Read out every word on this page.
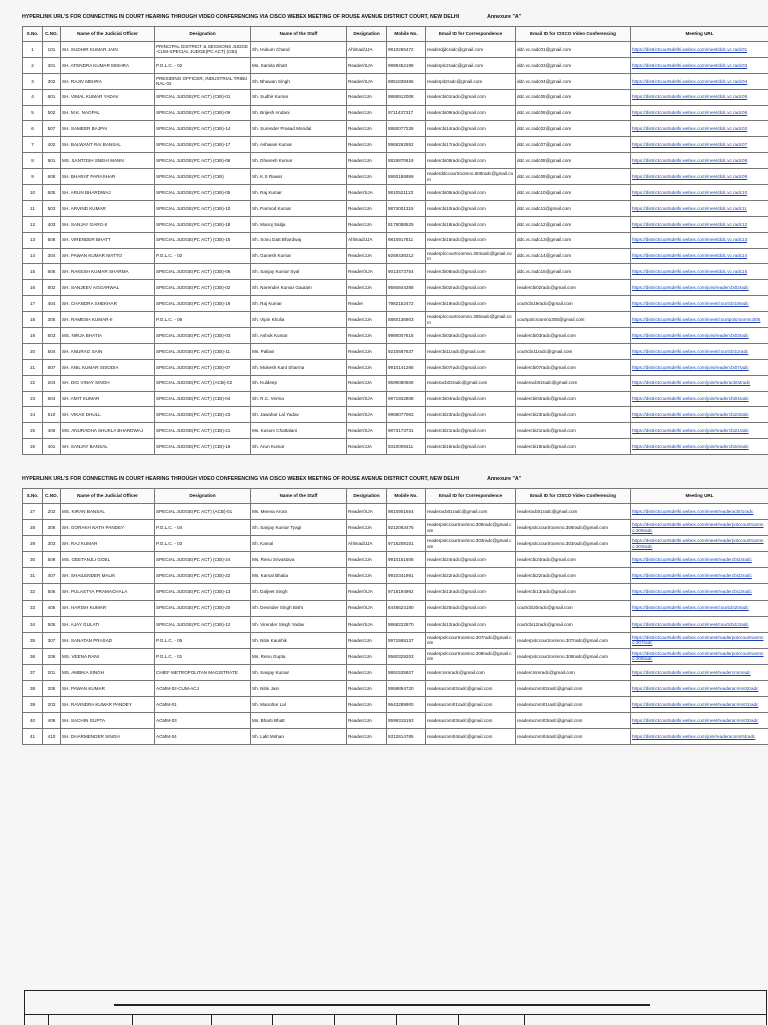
HYPERLINK URL'S FOR CONNECTING IN COURT HEARING THROUGH VIDEO CONFERENCING VIA CISCO WEBEX MEETING OF ROUSE AVENUE DISTRICT COURT, NEW DELHI	Annexure "A"
S.No.	C.NO.	Name of the Judicial Officer	Designation	Name of the Staff	Designation	Mobile No.	Email ID for Correspondence	Email ID for CISCO Video Conferencing	Meeting URL
1	101	SH. SUDHIR KUMAR JAIN	PRINCIPAL DISTRICT & SESSIONS JUDGE-CUM-SPECIAL JUDGE(PC ACT) (CBI)	Sh. Hukum Chand	Ahlmad/JJA	9910266472	readerdjdcradc@gmail.com	ddc.vc.radc01@gmail.com	https://districtcourtsdelhi.webex.com/meet/ddc.vc.radc01
2	301	SH. ATENDRA KUMAR MISHRA	P.O.L.C. - 02	Ms. Samita Bhatt	Reader/SJA	9999452199	readerplc2radc@gmail.com	ddc.vc.radc03@gmail.com	https://districtcourtsdelhi.webex.com/meet/ddc.vc.radc03
3	302	SH. RAJIV MEHRA	PRESIDING OFFICER, INDUSTRIAL TRIBUNAL-02	Sh. Bhawan Singh	Reader/SJA	8851838466	readerpit2radc@gmail.com	ddc.vc.radc04@gmail.com	https://districtcourtsdelhi.webex.com/meet/ddc.vc.radc04
4	601	SH. VIMAL KUMAR YADAV	SPECIAL JUDGE(PC ACT) (CBI)-01	Sh. Sudhir Kumar	Reader/JJA	9868912008	readercbi01radc@gmail.com	ddc.vc.radc05@gmail.com	https://districtcourtsdelhi.webex.com/meet/ddc.vc.radc05
5	502	SH. M.K. NAGPAL	SPECIAL JUDGE(PC ACT) (CBI)-09	Sh. Brijesh Andani	Reader/JJA	9711437317	readercbi09radc@gmail.com	ddc.vc.radc06@gmail.com	https://districtcourtsdelhi.webex.com/meet/ddc.vc.radc06
6	507	SH. SAMEER BAJPAI	SPECIAL JUDGE(PC ACT) (CBI)-14	Sh. Surender Prasad Mondal	Reader/JJA	8860077228	readercbi14radc@gmail.com	ddc.vc.radc02@gmail.com	https://districtcourtsdelhi.webex.com/meet/ddc.vc.radc02
7	402	SH. BALWANT RAI BANSAL	SPECIAL JUDGE(PC ACT) (CBI)-17	Sh. Ashwani Kumar	Reader/JJA	9968262852	readercbi17radc@gmail.com	ddc.vc.radc07@gmail.com	https://districtcourtsdelhi.webex.com/meet/ddc.vc.radc07
8	501	MS. SANTOSH SNEHI MANN	SPECIAL JUDGE(PC ACT) (CBI)-08	Sh. Dharesh Kumar	Reader/JJA	8826870619	readercbi08radc@gmail.com	ddc.vc.radc08@gmail.com	https://districtcourtsdelhi.webex.com/meet/ddc.vc.radc08
9	608	SH. BHARAT PARASHAR	SPECIAL JUDGE(PC ACT) (CBI)	Sh. K.S Rawat	Reader/JJA	8860186959	readerddccourtroomno.608radc@gmail.com	ddc.vc.radc09@gmail.com	https://districtcourtsdelhi.webex.com/meet/ddc.vc.radc09
10	605	SH. ARUN BHARDWAJ	SPECIAL JUDGE(PC ACT) (CBI)-05	Sh. Raj Kumar	Reader/SJA	9810521123	readercbi05radc@gmail.com	ddc.vc.radc10@gmail.com	https://districtcourtsdelhi.webex.com/meet/ddc.vc.radc10
11	503	SH. ARVIND KUMAR	SPECIAL JUDGE(PC ACT) (CBI)-10	Sh. Parmod Kumar	Reader/JJA	9873001315	readercbi10radc@gmail.com	ddc.vc.radc11@gmail.com	https://districtcourtsdelhi.webex.com/meet/ddc.vc.radc11
12	403	SH. SANJAY GARG-II	SPECIAL JUDGE(PC ACT) (CBI)-18	Sh. Manoj Satija	Reader/JJA	8178088525	readercbi18radc@gmail.com	ddc.vc.radc12@gmail.com	https://districtcourtsdelhi.webex.com/meet/ddc.vc.radc12
13	508	SH. VIRENDER BHATT	SPECIAL JUDGE(PC ACT) (CBI)-15	Sh. Sonu Datt Bhardwaj	Ahlmad/JJA	9810917811	readercbi15radc@gmail.com	ddc.vc.radc13@gmail.com	https://districtcourtsdelhi.webex.com/meet/ddc.vc.radc13
14	304	SH. PAWAN KUMAR MATTO	P.O.L.C. - 02	Sh. Ganesh Kumar	Reader/JJA	9268436312	readerplccourtroomno.304radc@gmail.com	ddc.vc.radc14@gmail.com	https://districtcourtsdelhi.webex.com/meet/ddc.vc.radc14
15	606	SH. RAKESH KUMAR SHARMA	SPECIAL JUDGE(PC ACT) (CBI)-06	Sh. Sanjay Kumar Syal	Reader/SJA	9013473754	readercbi06radc@gmail.com	ddc.vc.radc15@gmail.com	https://districtcourtsdelhi.webex.com/meet/ddc.vc.radc15
16	602	SH. SANJEEV AGGARWAL	SPECIAL JUDGE(PC ACT) (CBI)-02	Sh. Narender Kumar Gautam	Reader/JJA	9560844288	readercbi02radc@gmail.com	readercbi02radc@gmail.com	https://districtcourtsdelhi.webex.com/join/readercbi02radc
17	404	SH. CHANDRA SHEKHAR	SPECIAL JUDGE(PC ACT) (CBI)-19	Sh. Raj Kumar	Reader	7982152472	readercbi19radc@gmail.com	courtcbi19radc@gmail.com	https://districtcourtsdelhi.webex.com/meet/courtcbi19radc
18	305	SH. RAMESH KUMAR-II	P.O.L.C. - 06	Sh. Vipin Kholia	Reader/JJA	8860136903	readerplccourtroomno.305radc@gmail.com	courtpolcroomno305@gmail.com	https://districtcourtsdelhi.webex.com/meet/courtpolcroomno305
19	603	MS. NIRJA BHATIA	SPECIAL JUDGE(PC ACT) (CBI)-03	Sh. Ashok Kumar	Reader/JJA	9990007818	readercbi03radc@gmail.com	readercbi03radc@gmail.com	https://districtcourtsdelhi.webex.com/join/readercbi03radc
20	504	SH. ANURAG SAIN	SPECIAL JUDGE(PC ACT) (CBI)-11	Ms. Pallavi	Reader/JJA	9210587637	readercbi11radc@gmail.com	courtcbi11radc@gmail.com	https://districtcourtsdelhi.webex.com/meet/courtcbi11radc
21	607	SH. ANIL KUMAR SISODIA	SPECIAL JUDGE(PC ACT) (CBI)-07	Sh. Mukesh Kant Sharma	Reader/JJA	9910141266	readercbi07radc@gmail.com	readercbi07radc@gmail.com	https://districtcourtsdelhi.webex.com/join/readercbi07radc
22	204	SH. DIG VINAY SINGH	SPECIAL JUDGE(PC ACT) (ACB)-02	Sh. Kuldeep	Reader/JJA	9599080606	readeracb02radc@gmail.com	readeracb02radc@gmail.com	https://districtcourtsdelhi.webex.com/join/readeracb02radc
23	604	SH. AMIT KUMAR	SPECIAL JUDGE(PC ACT) (CBI)-04	Sh. R.C. Verma	Reader/SJA	9971932808	readercbi04radc@gmail.com	readercbi04radc@gmail.com	https://districtcourtsdelhi.webex.com/join/readercbi04radc
24	510	SH. VIKAS DHULL	SPECIAL JUDGE(PC ACT) (CBI)-23	Sh. Jawahar Lal Yadav	Reader/SJA	9968077063	readercbi23radc@gmail.com	readercbi23radc@gmail.com	https://districtcourtsdelhi.webex.com/join/readercbi23radc
25	406	MS. ANURADHA SHUKLA BHARDWAJ	SPECIAL JUDGE(PC ACT) (CBI)-21	Ms. Kusum Chattalani	Reader/SJA	9873173731	readercbi21radc@gmail.com	readercbi21radc@gmail.com	https://districtcourtsdelhi.webex.com/join/readercbi21radc
26	401	SH. SANJAY BANSAL	SPECIAL JUDGE(PC ACT) (CBI)-16	Sh. Arun Kumar	Reader/JJA	9310009311	readercbi16radc@gmail.com	readercbi16radc@gmail.com	https://districtcourtsdelhi.webex.com/join/readercbi16radc
HYPERLINK URL'S FOR CONNECTING IN COURT HEARING THROUGH VIDEO CONFERENCING VIA CISCO WEBEX MEETING OF ROUSE AVENUE DISTRICT COURT, NEW DELHI	Annexure "A"
S.No.	C.NO.	Name of the Judicial Officer	Designation	Name of the Staff	Designation	Mobile No.	Email ID for Correspondence	Email ID for CISCO Video Conferencing	Meeting URL
27	202	MS. KIRAN BANSAL	SPECIAL JUDGE(PC ACT) (ACB)-01	Ms. Meena Arora	Reader/SJA	9810901654	readeracb01radc@gmail.com	readeracb01radc@gmail.com	https://districtcourtsdelhi.webex.com/meet/readeracb01radc
28	306	SH. GORAKH NATH PANDEY	P.O.L.C. - 04	Sh. Sanjay Kumar Tyagi	Reader/JJA	9212063475	readerpolccourtroomno.306radc@gmail.com	readerpolccourtroomno.306radc@gmail.com	https://districtcourtsdelhi.webex.com/meet/readerpolccourtroomno.306radc
29	303	SH. RAJ KUMAR	P.O.L.C. - 03	Sh. Kamal	Ahlmad/JJA	9716208151	readerpolccourtroomno.303radc@gmail.com	readerpolccourtroomno.303radc@gmail.com	https://districtcourtsdelhi.webex.com/meet/readerpolccourtroomno.303radc
30	509	MS. GEETANJLI GOEL	SPECIAL JUDGE(PC ACT) (CBI)-24	Ms. Renu Srivastava	Reader/JJA	9910151605	readercbi24radc@gmail.com	readercbi24radc@gmail.com	https://districtcourtsdelhi.webex.com/meet/readercbi24radc
31	407	SH. SHAILENDER MALIK	SPECIAL JUDGE(PC ACT) (CBI)-22	Ms. Kamal Bhatia	Reader/JJA	9910341981	readercbi22radc@gmail.com	readercbi22radc@gmail.com	https://districtcourtsdelhi.webex.com/meet/readercbi22radc
32	506	SH. PULASTYA PRAMACHALA	SPECIAL JUDGE(PC ACT) (CBI)-13	Sh. Daljeet Singh	Reader/SJA	9718194992	readercbi13radc@gmail.com	readercbi13radc@gmail.com	https://districtcourtsdelhi.webex.com/meet/readercbi13radc
33	405	SH. HARISH KUMAR	SPECIAL JUDGE(PC ACT) (CBI)-20	Sh. Devinder Singh Bisht	Reader/SJA	8448624180	readercbi20radc@gmail.com	courtcbi20radc@gmail.com	https://districtcourtsdelhi.webex.com/meet/courtcbi20radc
34	505	SH. AJAY GULATI	SPECIAL JUDGE(PC ACT) (CBI)-12	Sh. Virender Singh Yadav	Reader/SJA	9868222870	readercbi12radc@gmail.com	courtcbi12radc@gmail.com	https://districtcourtsdelhi.webex.com/meet/courtcbi12radc
35	307	SH. SANATAN PRASAD	P.O.L.C. - 05	Sh. Nitin Kaushik	Reader/JJA	9971568137	readerpolccourtroomno.307radc@gmail.com	readerpolccourtroomno.307radc@gmail.com	https://districtcourtsdelhi.webex.com/meet/readerpolccourtroomno.307radc
36	206	MS. VEENA RANI	P.O.L.C. - 01	Ms. Renu Gupta	Reader/JJA	9560329203	readerpolccourtroomno.308radc@gmail.com	readerpolccourtroomno.308radc@gmail.com	https://districtcourtsdelhi.webex.com/meet/readerpolccourtroomno.308radc
37	201	MS. AMBIKA SINGH	CHIEF METROPOLITAN MAGISTRATE	Sh. Sanjay Kumar	Reader/JJA	9891535927	readercmmradc@gmail.com	readercmmradc@gmail.com	https://districtcourtsdelhi.webex.com/meet/readercmmradc
38	205	SH. PAWAN KUMAR	ACMM-02-CUM-ACJ	Sh. Nitin Jain	Reader/JJA	9958894720	readeracmm02radc@gmail.com	readeracmm02radc@gmail.com	https://districtcourtsdelhi.webex.com/meet/readeracmm02radc
39	203	SH. RAVINDRA KUMAR PANDEY	ACMM-01	Sh. Manohar Lal	Reader/JJA	9643289900	readeracmm01radc@gmail.com	readeracmm01radc@gmail.com	https://districtcourtsdelhi.webex.com/meet/readeracmm01radc
40	409	SH. SACHIN GUPTA	ACMM-03	Ms. Bharti Bhatt	Reader/JJA	9599315193	readeracmm03radc@gmail.com	readeracmm03radc@gmail.com	https://districtcourtsdelhi.webex.com/meet/readeracmm03radc
41	410	SH. DHARMENDER SINGH	ACMM-04	Sh. Lalit Mohan	Reader/JJA	9312614785	readeracmm04radc@gmail.com	readeracmm04radc@gmail.com	https://districtcourtsdelhi.webex.com/join/readeracmm04radc
